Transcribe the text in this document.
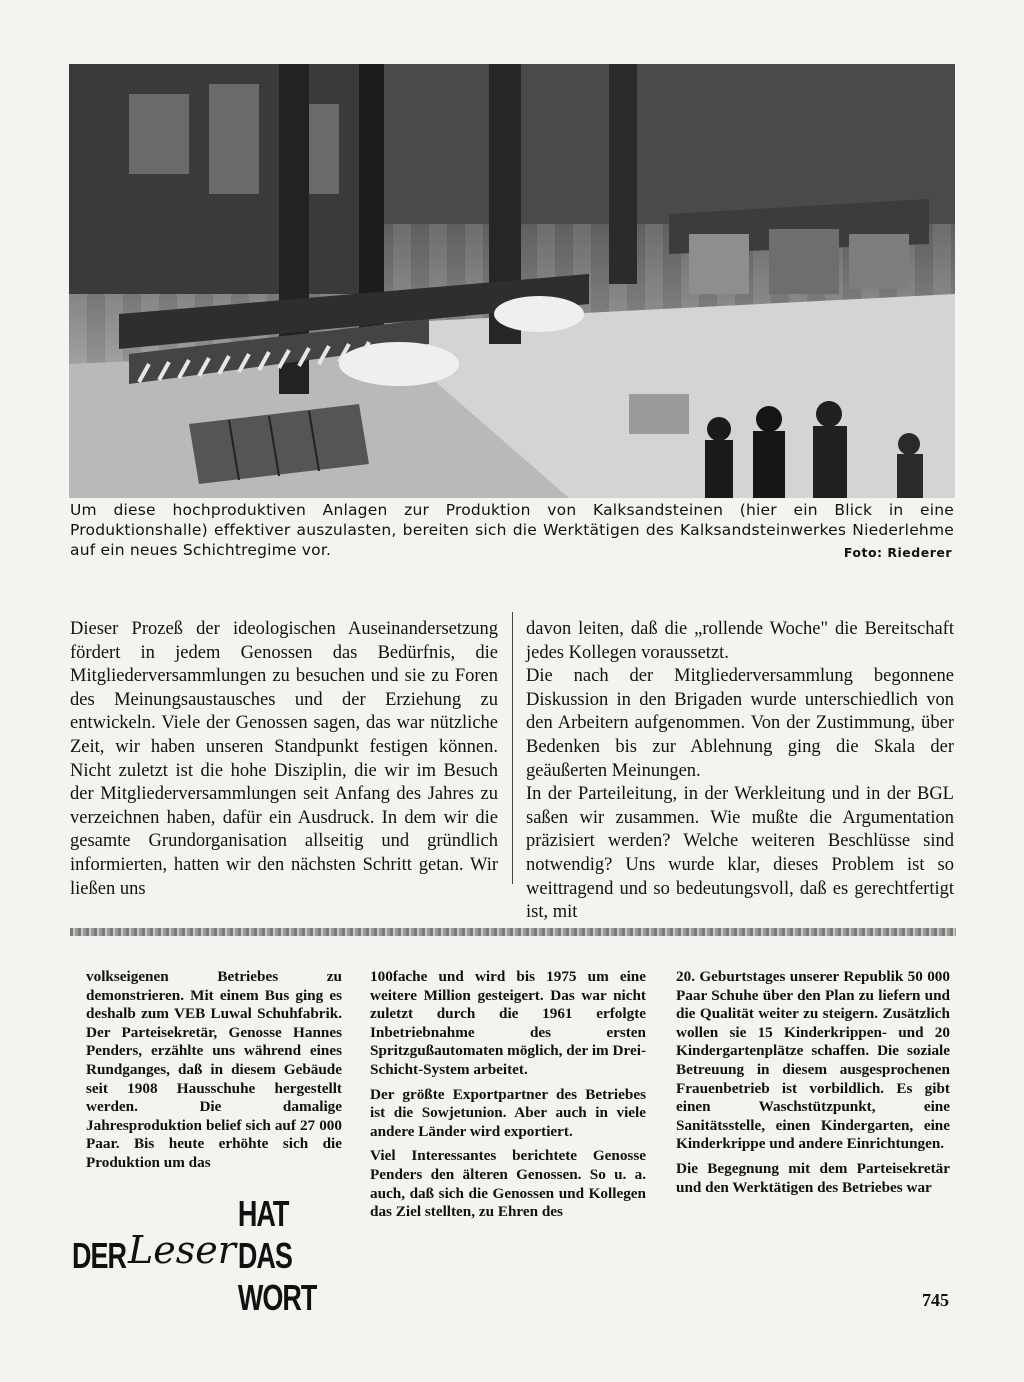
Um diese hochproduktiven Anlagen zur Produktion von Kalksandsteinen (hier ein Blick in eine Produktionshalle) effektiver auszulasten, bereiten sich die Werktätigen des Kalksandsteinwerkes Niederlehme auf ein neues Schichtregime vor.	Foto: Riederer

Dieser Prozeß der ideologischen Auseinandersetzung fördert in jedem Genossen das Bedürfnis, die Mitgliederversammlungen zu besuchen und sie zu Foren des Meinungsaustausches und der Erziehung zu entwickeln. Viele der Genossen sagen, das war nützliche Zeit, wir haben unseren Standpunkt festigen können. Nicht zuletzt ist die hohe Disziplin, die wir im Besuch der Mitgliederversammlungen seit Anfang des Jahres zu verzeichnen haben, dafür ein Ausdruck. In dem wir die gesamte Grundorganisation allseitig und gründlich informierten, hatten wir den nächsten Schritt getan. Wir ließen uns

davon leiten, daß die „rollende Woche" die Bereitschaft jedes Kollegen voraussetzt.

Die nach der Mitgliederversammlung begonnene Diskussion in den Brigaden wurde unterschiedlich von den Arbeitern aufgenommen. Von der Zustimmung, über Bedenken bis zur Ablehnung ging die Skala der geäußerten Meinungen.

In der Parteileitung, in der Werkleitung und in der BGL saßen wir zusammen. Wie mußte die Argumentation präzisiert werden? Welche weiteren Beschlüsse sind notwendig? Uns wurde klar, dieses Problem ist so weittragend und so bedeutungsvoll, daß es gerechtfertigt ist, mit

volkseigenen Betriebes zu demonstrieren. Mit einem Bus ging es deshalb zum VEB Luwal Schuhfabrik. Der Parteisekretär, Genosse Hannes Penders, erzählte uns während eines Rundganges, daß in diesem Gebäude seit 1908 Hausschuhe hergestellt werden. Die damalige Jahresproduktion belief sich auf 27 000 Paar. Bis heute erhöhte sich die Produktion um das

100fache und wird bis 1975 um eine weitere Million gesteigert. Das war nicht zuletzt durch die 1961 erfolgte Inbetriebnahme des ersten Spritzgußautomaten möglich, der im Drei-Schicht-System arbeitet.

Der größte Exportpartner des Betriebes ist die Sowjetunion. Aber auch in viele andere Länder wird exportiert.

Viel Interessantes berichtete Genosse Penders den älteren Genossen. So u. a. auch, daß sich die Genossen und Kollegen das Ziel stellten, zu Ehren des

20. Geburtstages unserer Republik 50 000 Paar Schuhe über den Plan zu liefern und die Qualität weiter zu steigern. Zusätzlich wollen sie 15 Kinderkrippen- und 20 Kindergartenplätze schaffen. Die soziale Betreuung in diesem ausgesprochenen Frauenbetrieb ist vorbildlich. Es gibt einen Waschstützpunkt, eine Sanitätsstelle, einen Kindergarten, eine Kinderkrippe und andere Einrichtungen.

Die Begegnung mit dem Parteisekretär und den Werktätigen des Betriebes war

DER Leser
HAT DAS WORT	745
